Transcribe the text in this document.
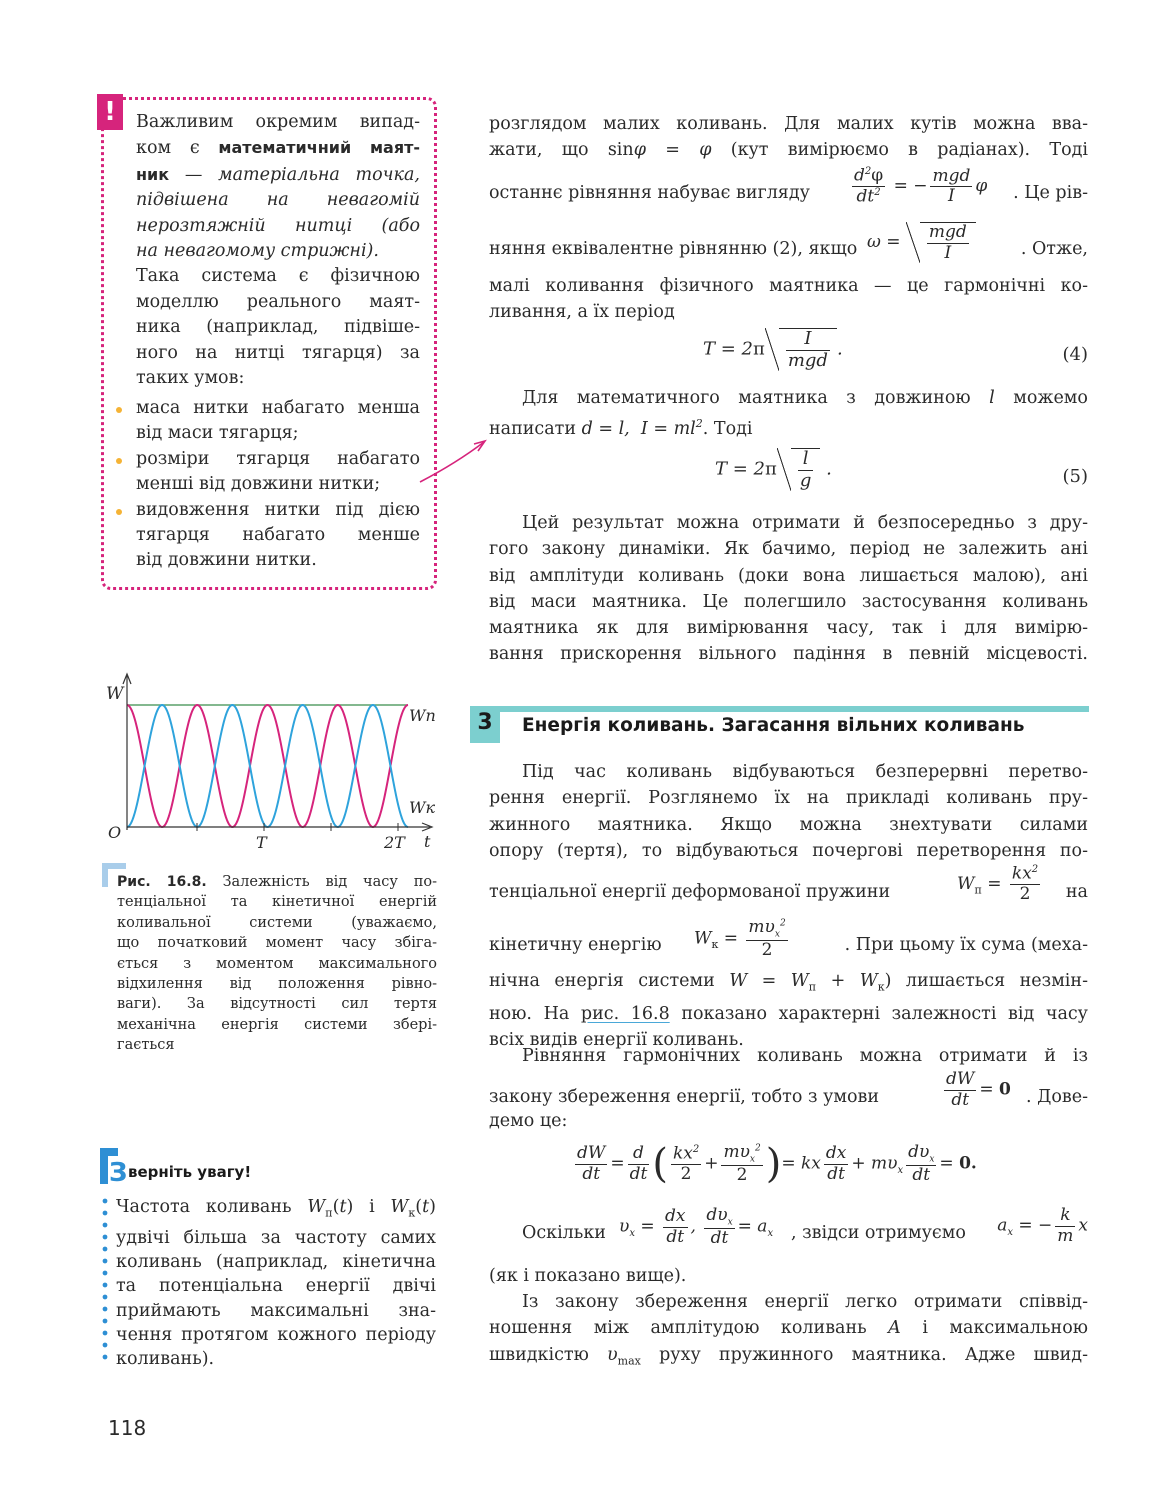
!	Важливим окремим випад-
ком є математичний маят-
ник — матеріальна точка,
підвішена на невагомій
нерозтяжній нитці (або
на невагомому стрижні).
Така система є фізичною
моделлю реального маят-
ника (наприклад, підвіше-
ного на нитці тягарця) за
таких умов:
маса нитки набагато менша
від маси тягарця;
розміри тягарця набагато
менші від довжини нитки;
видовження нитки під дією
тягарця набагато менше
від довжини нитки.
розглядом малих коливань. Для малих кутів можна вва-
жати, що sinφ = φ (кут вимірюємо в радіанах). Тоді
останнє рівняння набуває вигляду $\frac{d^2\varphi}{dt^2}$ = − $\frac{\text{mgd}}{I}$ φ . Це рів-
няння еквівалентне рівнянню (2), якщо $\omega = \frac{\text{mgd}}{I}$	. Отже,
малі коливання фізичного маятника — це гармонічні ко-
ливання, а їх період
$T = 2\pi \frac{I}{\text{mgd}}$ .	(4)
Для математичного маятника з довжиною l можемо
написати d = l,  $I = ml^2$. Тоді
$T = 2\pi \frac{l}{g}$ .	(5)
Цей результат можна отримати й безпосередньо з дру-
гого закону динаміки. Як бачимо, період не залежить ані
від амплітуди коливань (доки вона лишається малою), ані
від маси маятника. Це полегшило застосування коливань
маятника як для вимірювання часу, так і для вимірю-
вання прискорення вільного падіння в певній місцевості.
3	Енергія коливань. Загасання вільних коливань
Під час коливань відбуваються безперервні перетво-
рення енергії. Розглянемо їх на прикладі коливань пру-
жинного маятника. Якщо можна знехтувати силами
опору (тертя), то відбуваються почергові перетворення по-
тенціальної енергії деформованої пружини	$W_п = \frac{kx^2}{2}$ на
кінетичну енергію $W_к = \frac{m\upsilon_x^2}{2}$	. При цьому їх сума (меха-
нічна енергія системи $W = W_п + W_к$) лишається незмін-
ною. На рис. 16.8 показано характерні залежності від часу
всіх видів енергії коливань.
Рівняння гармонічних коливань можна отримати й із
закону збереження енергії, тобто з умови	$\frac{dW}{dt} = 0$ . Дове-
демо це:
$\frac{dW}{dt} = \frac{d}{dt}$ ( $\frac{kx^2}{2} + \frac{m\upsilon_x^2}{2}$ )= kx $\frac{dx}{dt} + m\upsilon_x \frac{d\upsilon_x}{dt} = 0$.
Оскільки $\upsilon_x = \frac{dx}{dt}$ , $\frac{d\upsilon_x}{dt} = a_x$ , звідси отримуємо $a_x$ = − $\frac{k}{m}$ x
(як і показано вище).
Із закону збереження енергії легко отримати співвід-
ношення між амплітудою коливань A і максимальною
швидкістю $\upsilon_{max}$ руху пружинного маятника. Адже швид-
W
O
T	2T t
Wп
Wк
Рис. 16.8. Залежність від часу по-
тенціальної та кінетичної енергій
коливальної системи (уважаємо,
що початковий момент часу збіга-
ється з моментом максимального
відхилення від положення рівно-
ваги). За відсутності сил тертя
механічна енергія системи збері-
гається
З верніть увагу!
Частота коливань $W_п(t)$ і $W_к(t)$
удвічі більша за частоту самих
коливань (наприклад, кінетична
та потенціальна енергії двічі
приймають максимальні зна-
чення протягом кожного періоду
коливань).
118
